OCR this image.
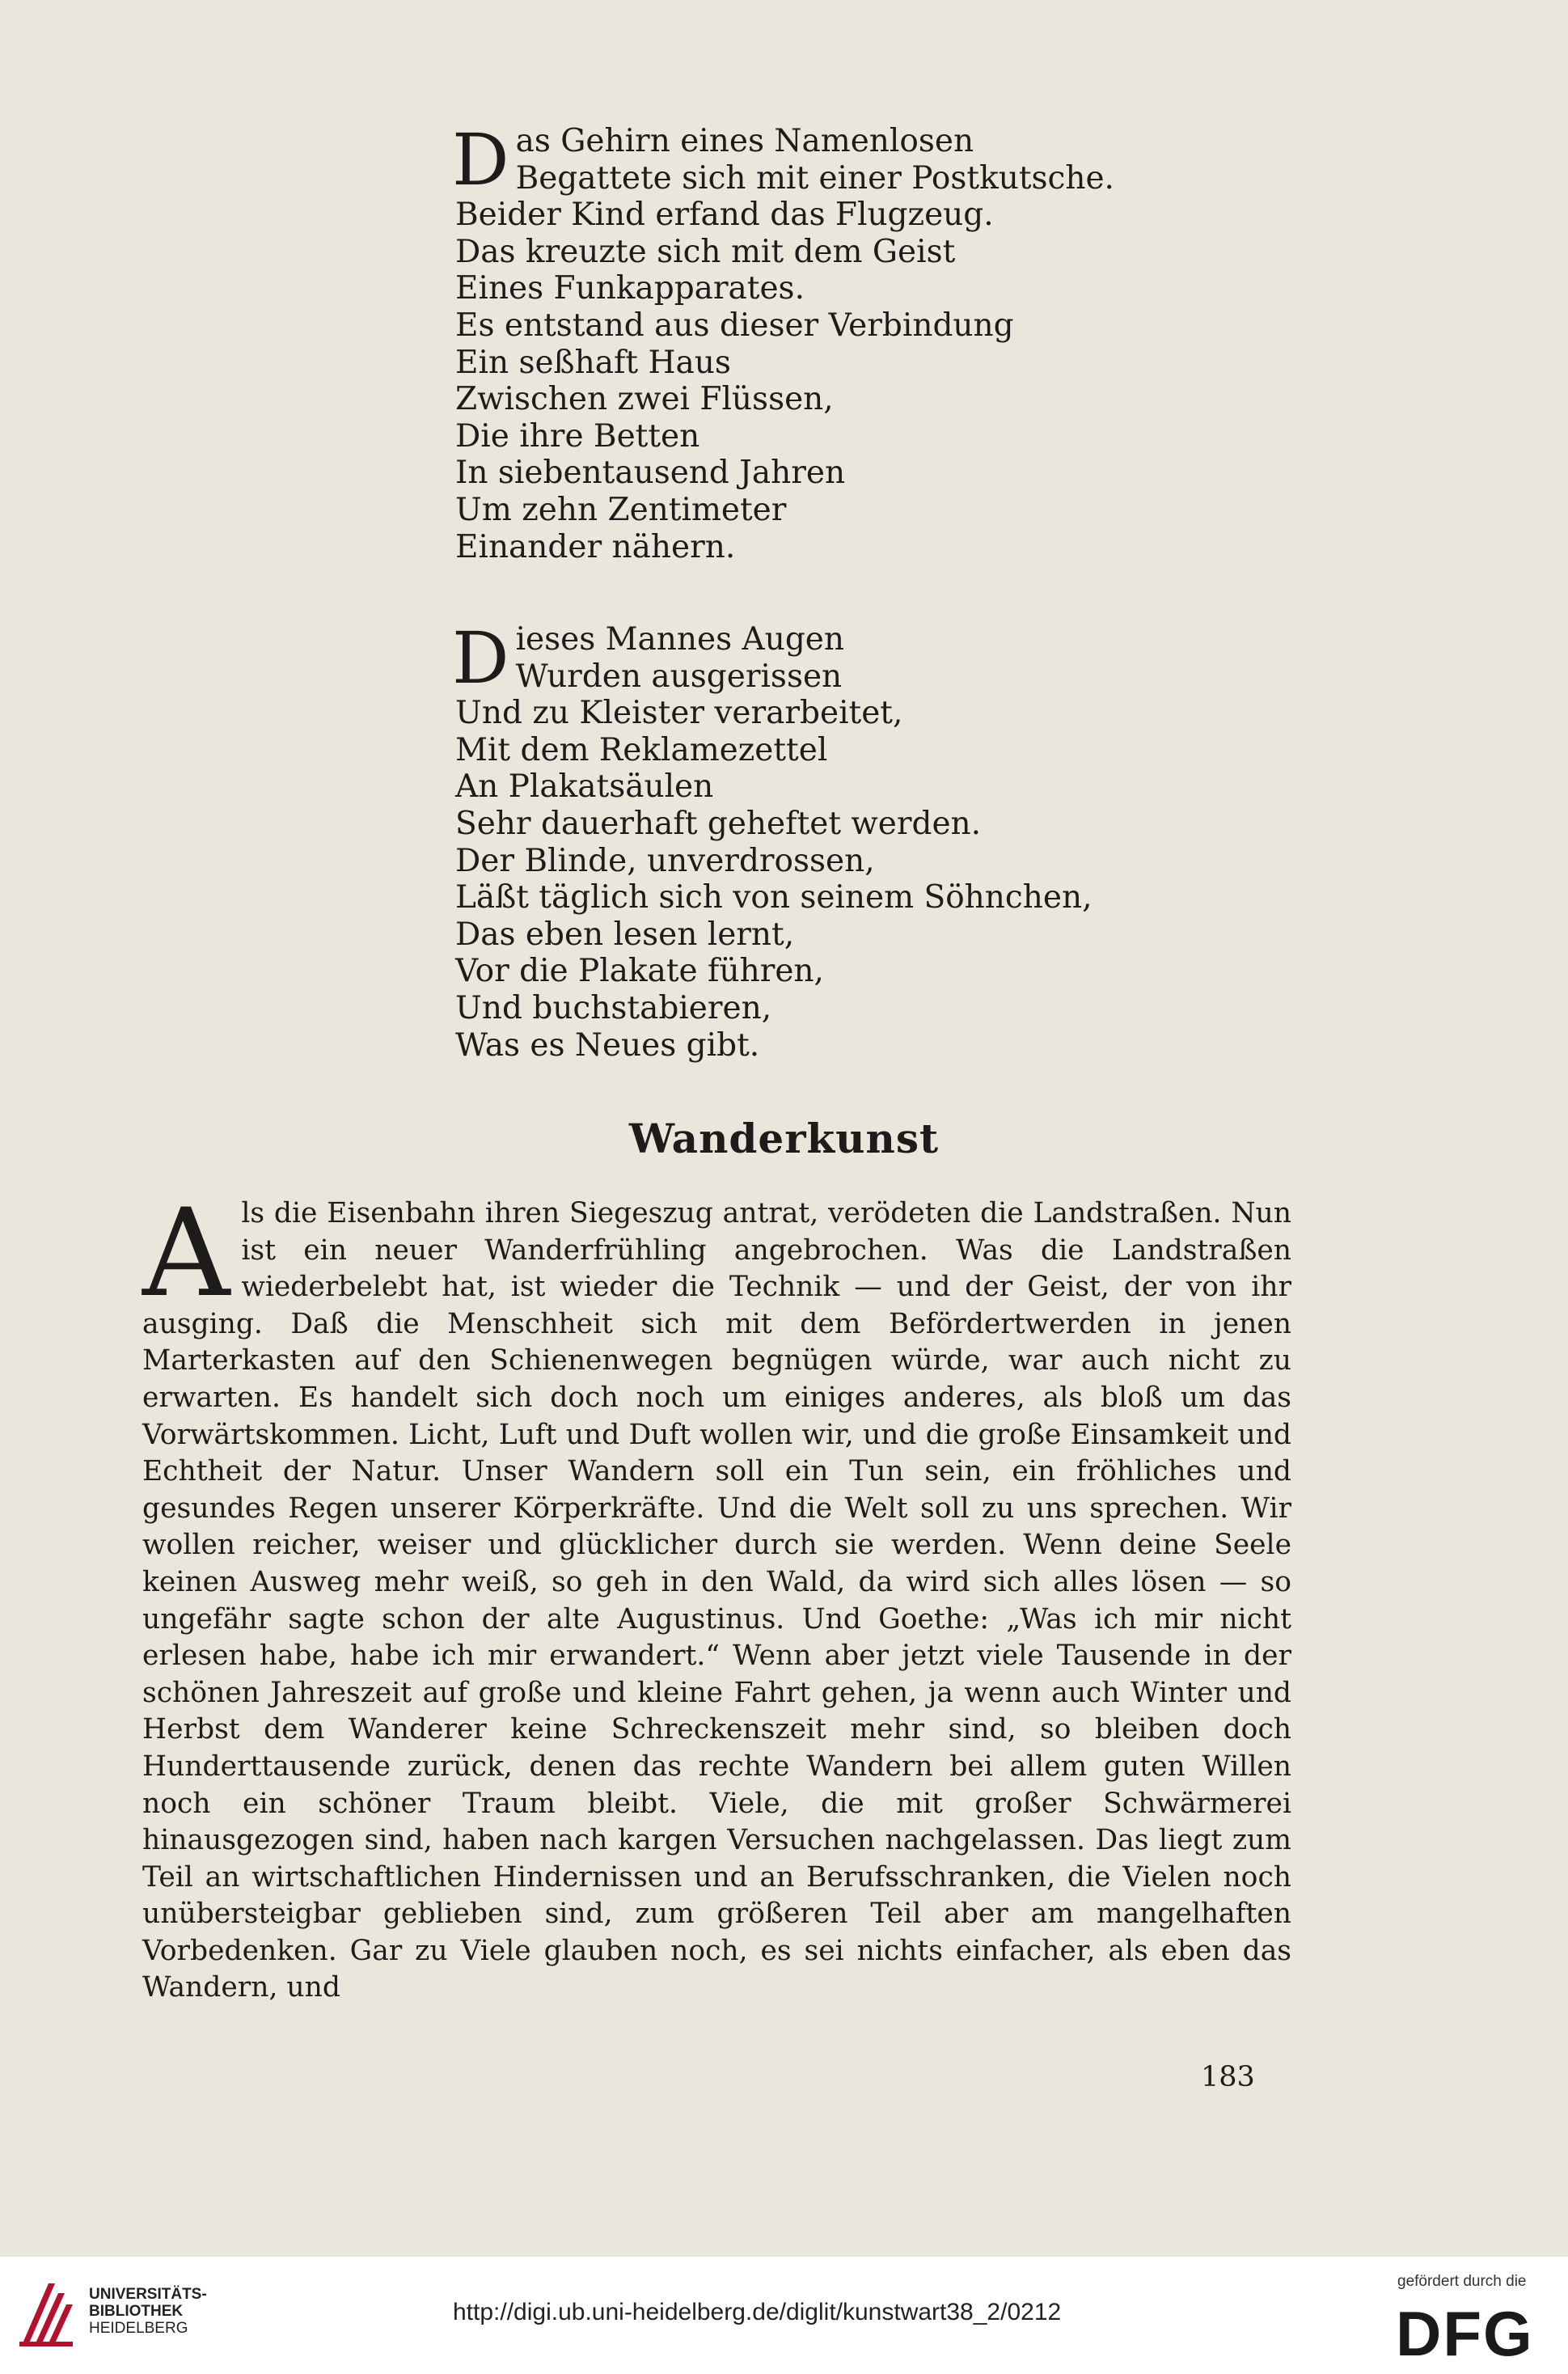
D as Gehirn eines Namenlosen
Begattete sich mit einer Postkutsche.
Beider Kind erfand das Flugzeug.
Das kreuzte sich mit dem Geist
Eines Funkapparates.
Es entstand aus dieser Verbindung
Ein seßhaft Haus
Zwischen zwei Flüssen,
Die ihre Betten
In siebentausend Jahren
Um zehn Zentimeter
Einander nähern.
D ieses Mannes Augen
Wurden ausgerissen
Und zu Kleister verarbeitet,
Mit dem Reklamezettel
An Plakatsäulen
Sehr dauerhaft geheftet werden.
Der Blinde, unverdrossen,
Läßt täglich sich von seinem Söhnchen,
Das eben lesen lernt,
Vor die Plakate führen,
Und buchstabieren,
Was es Neues gibt.
Wanderkunst
A ls die Eisenbahn ihren Siegeszug antrat, verödeten die Landstraßen. Nun ist ein neuer Wanderfrühling angebrochen. Was die Landstraßen wiederbelebt hat, ist wieder die Technik — und der Geist, der von ihr ausging. Daß die Menschheit sich mit dem Befördertwerden in jenen Marterkasten auf den Schienenwegen begnügen würde, war auch nicht zu erwarten. Es handelt sich doch noch um einiges anderes, als bloß um das Vorwärtskommen. Licht, Luft und Duft wollen wir, und die große Einsamkeit und Echtheit der Natur. Unser Wandern soll ein Tun sein, ein fröhliches und gesundes Regen unserer Körperkräfte. Und die Welt soll zu uns sprechen. Wir wollen reicher, weiser und glücklicher durch sie werden. Wenn deine Seele keinen Ausweg mehr weiß, so geh in den Wald, da wird sich alles lösen — so ungefähr sagte schon der alte Augustinus. Und Goethe: „Was ich mir nicht erlesen habe, habe ich mir erwandert.“ Wenn aber jetzt viele Tausende in der schönen Jahreszeit auf große und kleine Fahrt gehen, ja wenn auch Winter und Herbst dem Wanderer keine Schreckenszeit mehr sind, so bleiben doch Hunderttausende zurück, denen das rechte Wandern bei allem guten Willen noch ein schöner Traum bleibt. Viele, die mit großer Schwärmerei hinausgezogen sind, haben nach kargen Versuchen nachgelassen. Das liegt zum Teil an wirtschaftlichen Hindernissen und an Berufsschranken, die Vielen noch unübersteigbar geblieben sind, zum größeren Teil aber am mangelhaften Vorbedenken. Gar zu Viele glauben noch, es sei nichts einfacher, als eben das Wandern, und

183
UNIVERSITÄTS-
BIBLIOTHEK
HEIDELBERG
http://digi.ub.uni-heidelberg.de/diglit/kunstwart38_2/0212
gefördert durch die
DFG
